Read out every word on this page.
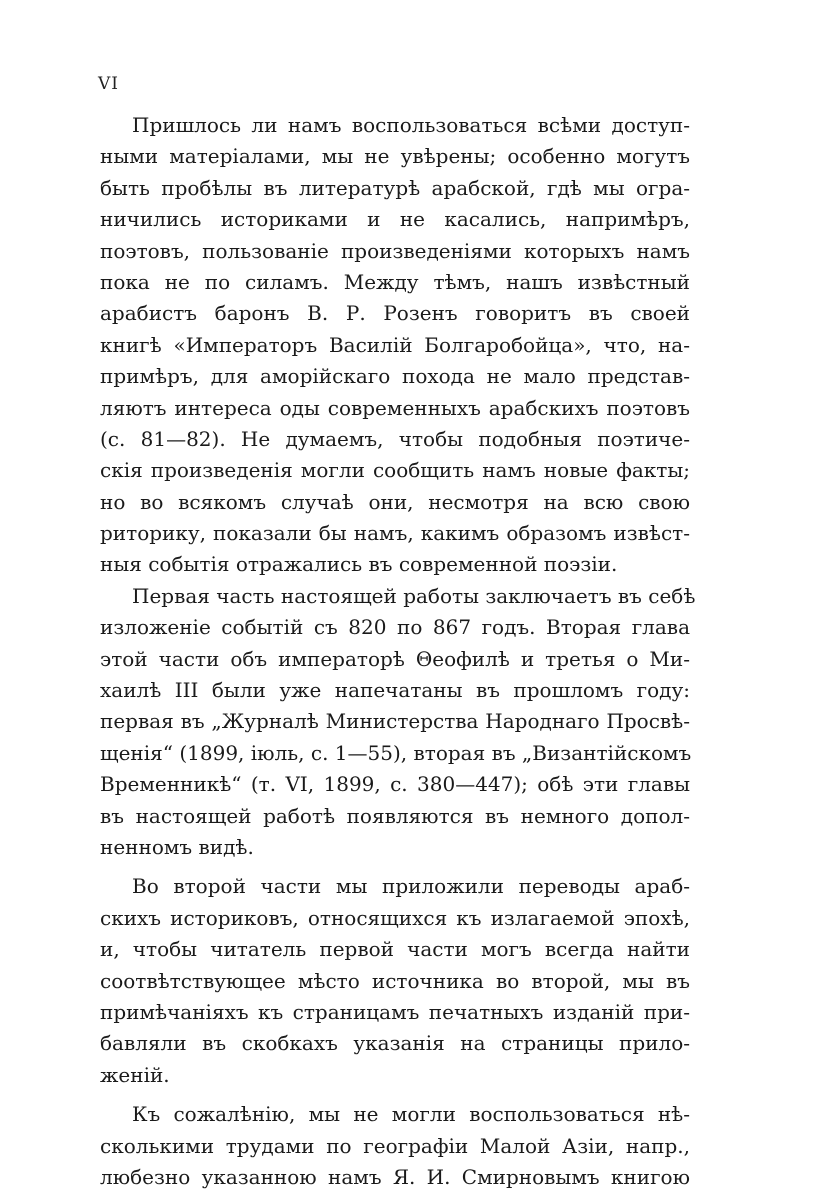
VI
Пришлось ли намъ воспользоваться всѣми доступ-
ными матеріалами, мы не увѣрены; особенно могутъ
быть пробѣлы въ литературѣ арабской, гдѣ мы огра-
ничились историками и не касались, напримѣръ,
поэтовъ, пользованіе произведеніями которыхъ намъ
пока не по силамъ. Между тѣмъ, нашъ извѣстный
арабистъ баронъ В. Р. Розенъ говоритъ въ своей
книгѣ «Императоръ Василій Болгаробойца», что, на-
примѣръ, для аморійскаго похода не мало представ-
ляютъ интереса оды современныхъ арабскихъ поэтовъ
(с. 81—82). Не думаемъ, чтобы подобныя поэтиче-
скія произведенія могли сообщить намъ новые факты;
но во всякомъ случаѣ они, несмотря на всю свою
риторику, показали бы намъ, какимъ образомъ извѣст-
ныя событія отражались въ современной поэзіи.
Первая часть настоящей работы заключаетъ въ себѣ
изложеніе событій съ 820 по 867 годъ. Вторая глава
этой части объ императорѣ Θеофилѣ и третья о Ми-
хаилѣ III были уже напечатаны въ прошломъ году:
первая въ „Журналѣ Министерства Народнаго Просвѣ-
щенія“ (1899, іюль, с. 1—55), вторая въ „Византійскомъ
Временникѣ“ (т. VI, 1899, с. 380—447); обѣ эти главы
въ настоящей работѣ появляются въ немного допол-
ненномъ видѣ.
Во второй части мы приложили переводы араб-
скихъ историковъ, относящихся къ излагаемой эпохѣ,
и, чтобы читатель первой части могъ всегда найти
соотвѣтствующее мѣсто источника во второй, мы въ
примѣчаніяхъ къ страницамъ печатныхъ изданій при-
бавляли въ скобкахъ указанія на страницы прило-
женій.
Къ сожалѣнію, мы не могли воспользоваться нѣ-
сколькими трудами по географіи Малой Азіи, напр.,
любезно указанною намъ Я. И. Смирновымъ книгою
